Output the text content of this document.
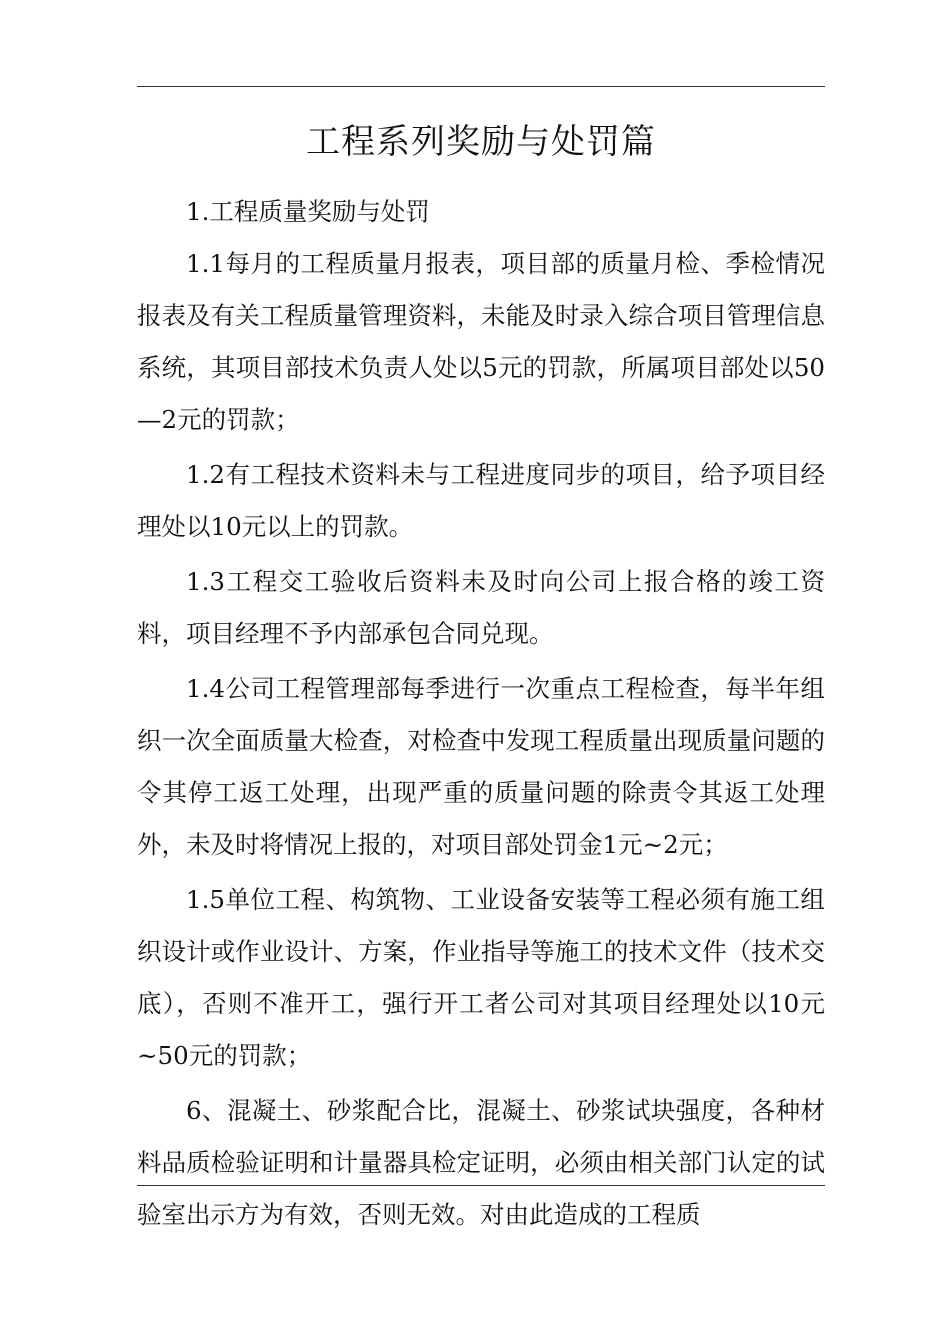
工程系列奖励与处罚篇

1.工程质量奖励与处罚

1.1每月的工程质量月报表，项目部的质量月检、季检情况报表及有关工程质量管理资料，未能及时录入综合项目管理信息系统，其项目部技术负责人处以5元的罚款，所属项目部处以50—2元的罚款；

1.2有工程技术资料未与工程进度同步的项目，给予项目经理处以10元以上的罚款。

1.3工程交工验收后资料未及时向公司上报合格的竣工资料，项目经理不予内部承包合同兑现。

1.4公司工程管理部每季进行一次重点工程检查，每半年组织一次全面质量大检查，对检查中发现工程质量出现质量问题的令其停工返工处理，出现严重的质量问题的除责令其返工处理外，未及时将情况上报的，对项目部处罚金1元~2元；

1.5单位工程、构筑物、工业设备安装等工程必须有施工组织设计或作业设计、方案，作业指导等施工的技术文件（技术交底），否则不准开工，强行开工者公司对其项目经理处以10元~50元的罚款；

6、混凝土、砂浆配合比，混凝土、砂浆试块强度，各种材料品质检验证明和计量器具检定证明，必须由相关部门认定的试验室出示方为有效，否则无效。对由此造成的工程质
